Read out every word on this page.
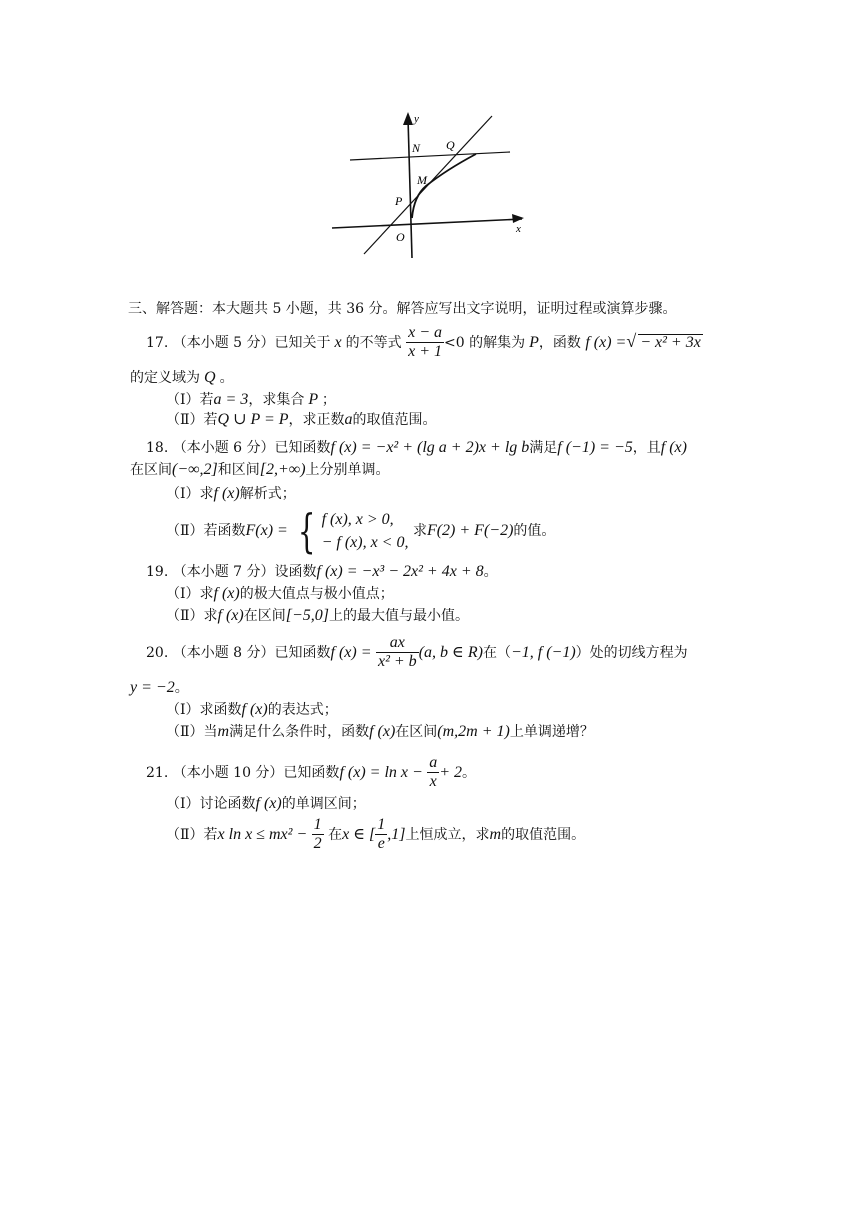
y
x
N Q
M
P
O
三、解答题：本大题共 5 小题，共 36 分。解答应写出文字说明，证明过程或演算步骤。
17. （本小题 5 分）已知关于 x 的不等式 $\frac{x - a}{x + 1} <0$ 的解集为 P，函数 f (x) =√ − x² + 3x
的定义域为 Q 。
（Ⅰ）若a = 3，求集合 P ；
（Ⅱ）若Q ∪ P = P，求正数a的取值范围。
18. （本小题 6 分）已知函数f (x) = −x² + (lg a + 2)x + lg b满足f (−1) = −5，且f (x)
在区间(−∞,2]和区间[2,+∞)上分别单调。
（Ⅰ）求f (x)解析式；
（Ⅱ）若函数F(x) = { f (x), x > 0,
− f (x), x < 0,
求F(2) + F(−2)的值。
19. （本小题 7 分）设函数f (x) = −x³ − 2x² + 4x + 8。
（Ⅰ）求f (x)的极大值点与极小值点；
（Ⅱ）求f (x)在区间[−5,0]上的最大值与最小值。
20. （本小题 8 分）已知函数f $(x) = \frac{ax}{\text{x² + b}} (a$, b ∈ R)在（−1, f (−1)）处的切线方程为
y = −2。
（Ⅰ）求函数f (x)的表达式；
（Ⅱ）当m满足什么条件时，函数f (x)在区间(m,2m + 1)上单调递增？
21. （本小题 10 分）已知函数f $(x) = \ln x - \frac{a}{x} + 2$。
（Ⅰ）讨论函数f (x)的单调区间；
（Ⅱ）若x $\ln x \le mx^2 - \frac{1}{2}$ 在x ∈ [ $\frac{1}{e} ,1$]上恒成立，求m的取值范围。
